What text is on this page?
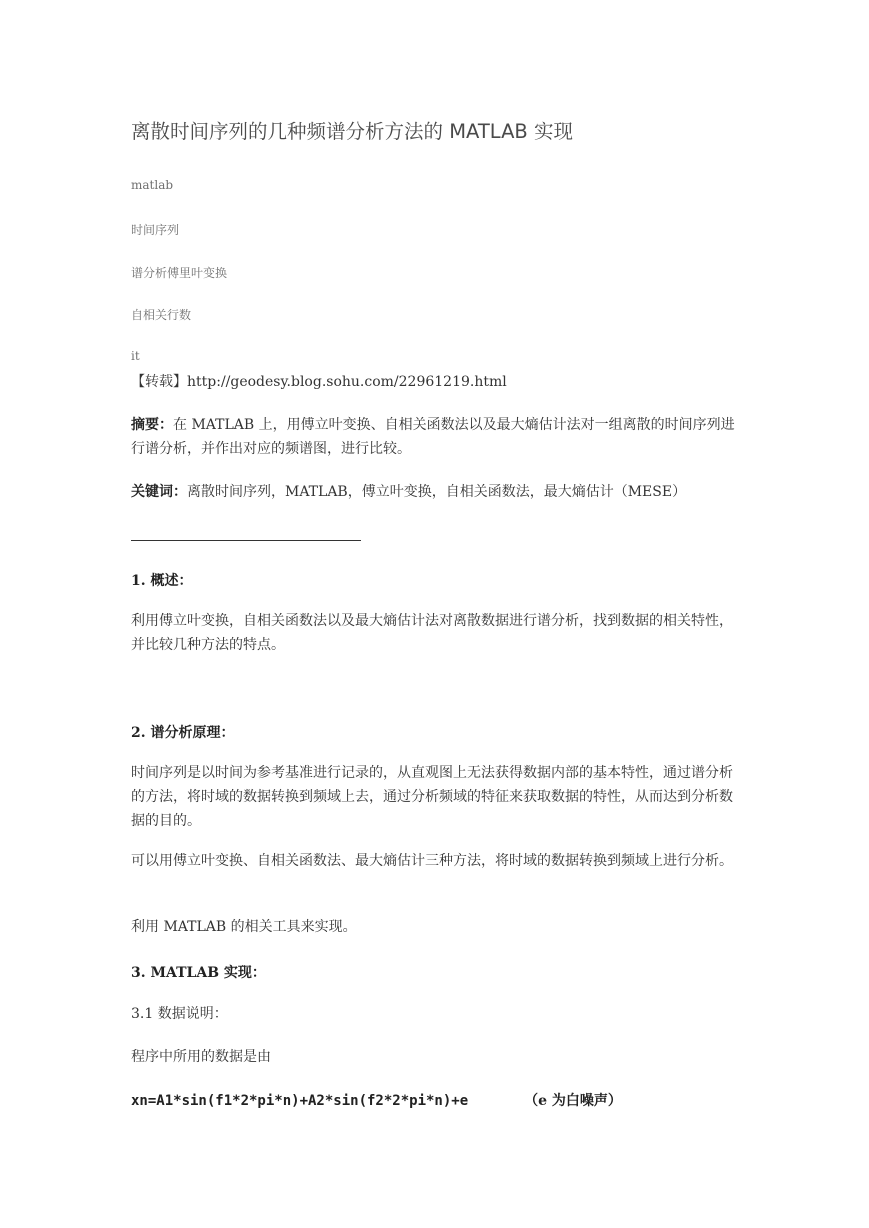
离散时间序列的几种频谱分析方法的 MATLAB 实现
matlab
时间序列
谱分析傅里叶变换
自相关行数
it
【转载】http://geodesy.blog.sohu.com/22961219.html
摘要：在 MATLAB 上，用傅立叶变换、自相关函数法以及最大熵估计法对一组离散的时间序列进行谱分析，并作出对应的频谱图，进行比较。
关键词：离散时间序列，MATLAB，傅立叶变换，自相关函数法，最大熵估计（MESE）
1. 概述：
利用傅立叶变换，自相关函数法以及最大熵估计法对离散数据进行谱分析，找到数据的相关特性，并比较几种方法的特点。
2. 谱分析原理：
时间序列是以时间为参考基准进行记录的，从直观图上无法获得数据内部的基本特性，通过谱分析的方法，将时域的数据转换到频域上去，通过分析频域的特征来获取数据的特性，从而达到分析数据的目的。
可以用傅立叶变换、自相关函数法、最大熵估计三种方法，将时域的数据转换到频域上进行分析。
利用 MATLAB 的相关工具来实现。
3. MATLAB 实现：
3.1 数据说明：
程序中所用的数据是由
xn=A1*sin(f1*2*pi*n)+A2*sin(f2*2*pi*n)+e	（e 为白噪声）
